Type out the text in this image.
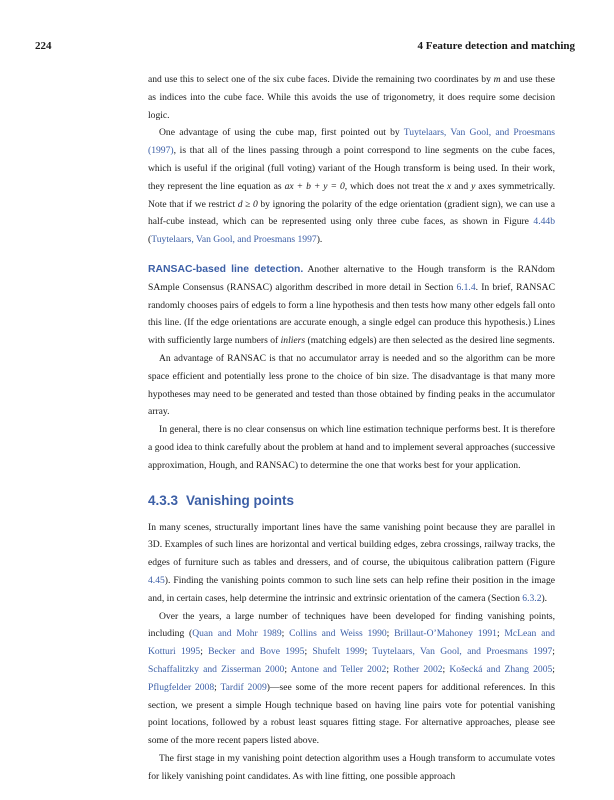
224	4 Feature detection and matching

and use this to select one of the six cube faces. Divide the remaining two coordinates by m and use these as indices into the cube face. While this avoids the use of trigonometry, it does require some decision logic.

One advantage of using the cube map, first pointed out by Tuytelaars, Van Gool, and Proesmans (1997), is that all of the lines passing through a point correspond to line segments on the cube faces, which is useful if the original (full voting) variant of the Hough transform is being used. In their work, they represent the line equation as ax + b + y = 0, which does not treat the x and y axes symmetrically. Note that if we restrict d ≥ 0 by ignoring the polarity of the edge orientation (gradient sign), we can use a half-cube instead, which can be represented using only three cube faces, as shown in Figure 4.44b (Tuytelaars, Van Gool, and Proesmans 1997).

RANSAC-based line detection. Another alternative to the Hough transform is the RANdom SAmple Consensus (RANSAC) algorithm described in more detail in Section 6.1.4. In brief, RANSAC randomly chooses pairs of edgels to form a line hypothesis and then tests how many other edgels fall onto this line. (If the edge orientations are accurate enough, a single edgel can produce this hypothesis.) Lines with sufficiently large numbers of inliers (matching edgels) are then selected as the desired line segments.

An advantage of RANSAC is that no accumulator array is needed and so the algorithm can be more space efficient and potentially less prone to the choice of bin size. The disadvantage is that many more hypotheses may need to be generated and tested than those obtained by finding peaks in the accumulator array.

In general, there is no clear consensus on which line estimation technique performs best. It is therefore a good idea to think carefully about the problem at hand and to implement several approaches (successive approximation, Hough, and RANSAC) to determine the one that works best for your application.

4.3.3 Vanishing points

In many scenes, structurally important lines have the same vanishing point because they are parallel in 3D. Examples of such lines are horizontal and vertical building edges, zebra crossings, railway tracks, the edges of furniture such as tables and dressers, and of course, the ubiquitous calibration pattern (Figure 4.45). Finding the vanishing points common to such line sets can help refine their position in the image and, in certain cases, help determine the intrinsic and extrinsic orientation of the camera (Section 6.3.2).

Over the years, a large number of techniques have been developed for finding vanishing points, including (Quan and Mohr 1989; Collins and Weiss 1990; Brillaut-O’Mahoney 1991; McLean and Kotturi 1995; Becker and Bove 1995; Shufelt 1999; Tuytelaars, Van Gool, and Proesmans 1997; Schaffalitzky and Zisserman 2000; Antone and Teller 2002; Rother 2002; Košecká and Zhang 2005; Pflugfelder 2008; Tardif 2009)—see some of the more recent papers for additional references. In this section, we present a simple Hough technique based on having line pairs vote for potential vanishing point locations, followed by a robust least squares fitting stage. For alternative approaches, please see some of the more recent papers listed above.

The first stage in my vanishing point detection algorithm uses a Hough transform to accumulate votes for likely vanishing point candidates. As with line fitting, one possible approach
